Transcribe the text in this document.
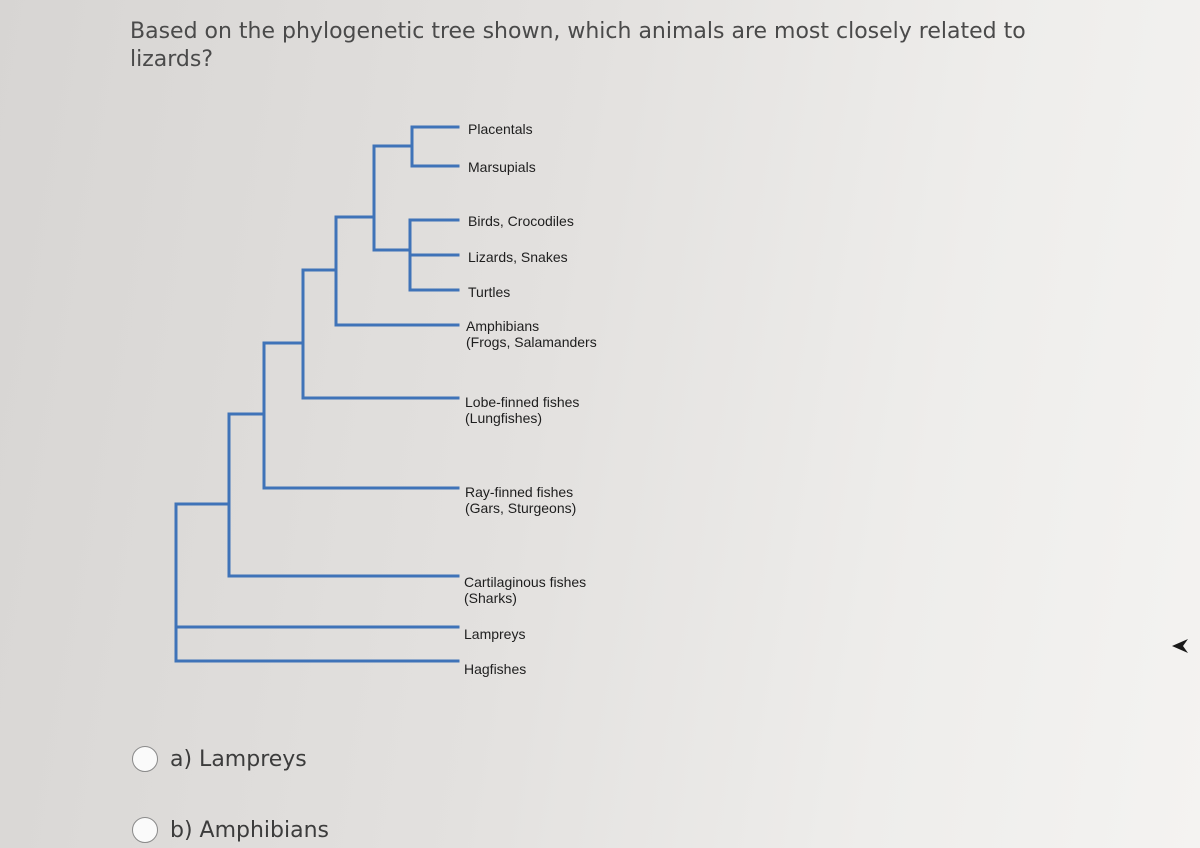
Based on the phylogenetic tree shown, which animals are most closely related to
lizards?
Placentals
Marsupials
Birds, Crocodiles
Lizards, Snakes
Turtles
Amphibians (Frogs, Salamanders
Lobe-finned fishes (Lungfishes)
Ray-finned fishes (Gars, Sturgeons)
Cartilaginous fishes (Sharks)
Lampreys
Hagfishes
a) Lampreys
b) Amphibians
